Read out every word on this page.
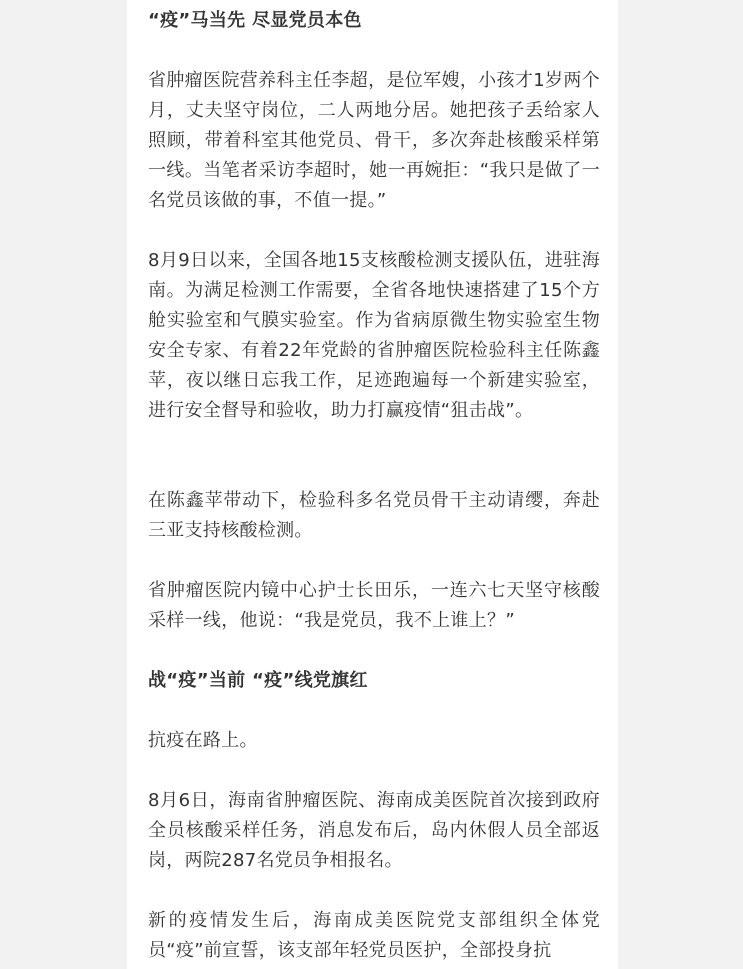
“疫”马当先 尽显党员本色

省肿瘤医院营养科主任李超，是位军嫂，小孩才1岁两个月，丈夫坚守岗位，二人两地分居。她把孩子丢给家人照顾，带着科室其他党员、骨干，多次奔赴核酸采样第一线。当笔者采访李超时，她一再婉拒：“我只是做了一名党员该做的事，不值一提。”

8月9日以来，全国各地15支核酸检测支援队伍，进驻海南。为满足检测工作需要，全省各地快速搭建了15个方舱实验室和气膜实验室。作为省病原微生物实验室生物安全专家、有着22年党龄的省肿瘤医院检验科主任陈鑫苹，夜以继日忘我工作，足迹跑遍每一个新建实验室，进行安全督导和验收，助力打赢疫情“狙击战”。

在陈鑫苹带动下，检验科多名党员骨干主动请缨，奔赴三亚支持核酸检测。

省肿瘤医院内镜中心护士长田乐，一连六七天坚守核酸采样一线，他说：“我是党员，我不上谁上？”

战“疫”当前 “疫”线党旗红

抗疫在路上。

8月6日，海南省肿瘤医院、海南成美医院首次接到政府全员核酸采样任务，消息发布后，岛内休假人员全部返岗，两院287名党员争相报名。

新的疫情发生后，海南成美医院党支部组织全体党员“疫”前宣誓，该支部年轻党员医护，全部投身抗
